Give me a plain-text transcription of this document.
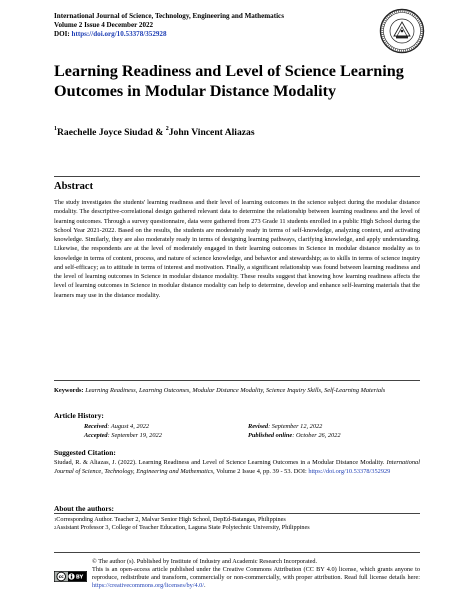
International Journal of Science, Technology, Engineering and Mathematics
Volume 2 Issue 4 December 2022
DOI: https://doi.org/10.53378/352928
Learning Readiness and Level of Science Learning Outcomes in Modular Distance Modality
$^1$Raechelle Joyce Siudad & $^2$John Vincent Aliazas
Abstract

The study investigates the students' learning readiness and their level of learning outcomes in the science subject during the modular distance modality. The descriptive-correlational design gathered relevant data to determine the relationship between learning readiness and the level of learning outcomes. Through a survey questionnaire, data were gathered from 273 Grade 11 students enrolled in a public High School during the School Year 2021-2022. Based on the results, the students are moderately ready in terms of self-knowledge, analyzing context, and activating knowledge. Similarly, they are also moderately ready in terms of designing learning pathways, clarifying knowledge, and apply understanding. Likewise, the respondents are at the level of moderately engaged in their learning outcomes in Science in modular distance modality as to knowledge in terms of content, process, and nature of science knowledge, and behavior and stewardship; as to skills in terms of science inquiry and self-efficacy; as to attitude in terms of interest and motivation. Finally, a significant relationship was found between learning readiness and the level of learning outcomes in Science in modular distance modality. These results suggest that knowing how learning readiness affects the level of learning outcomes in Science in modular distance modality can help to determine, develop and enhance self-learning materials that the learners may use in the distance modality.

Keywords: Learning Readiness, Learning Outcomes, Modular Distance Modality, Science Inquiry Skills, Self-Learning Materials
Article History:
Received: August 4, 2022
Accepted: September 19, 2022
Revised: September 12, 2022
Published online: October 26, 2022
Suggested Citation:

Siudad, R. & Aliazas, J. (2022). Learning Readiness and Level of Science Learning Outcomes in a Modular Distance Modality. International Journal of Science, Technology, Engineering and Mathematics, Volume 2 Issue 4, pp. 39 - 53. DOI: https://doi.org/10.53378/352929

About the authors:
$^1$Corresponding Author. Teacher 2, Malvar Senior High School, DepEd-Batangas, Philippines
$^2$Assistant Professor 3, College of Teacher Education, Laguna State Polytechnic University, Philippines
cc BY
© The author (s). Published by Institute of Industry and Academic Research Incorporated.
This is an open-access article published under the Creative Commons Attribution (CC BY 4.0) license, which grants anyone to reproduce, redistribute and transform, commercially or non-commercially, with proper attribution. Read full license details here: https://creativecommons.org/licenses/by/4.0/.
